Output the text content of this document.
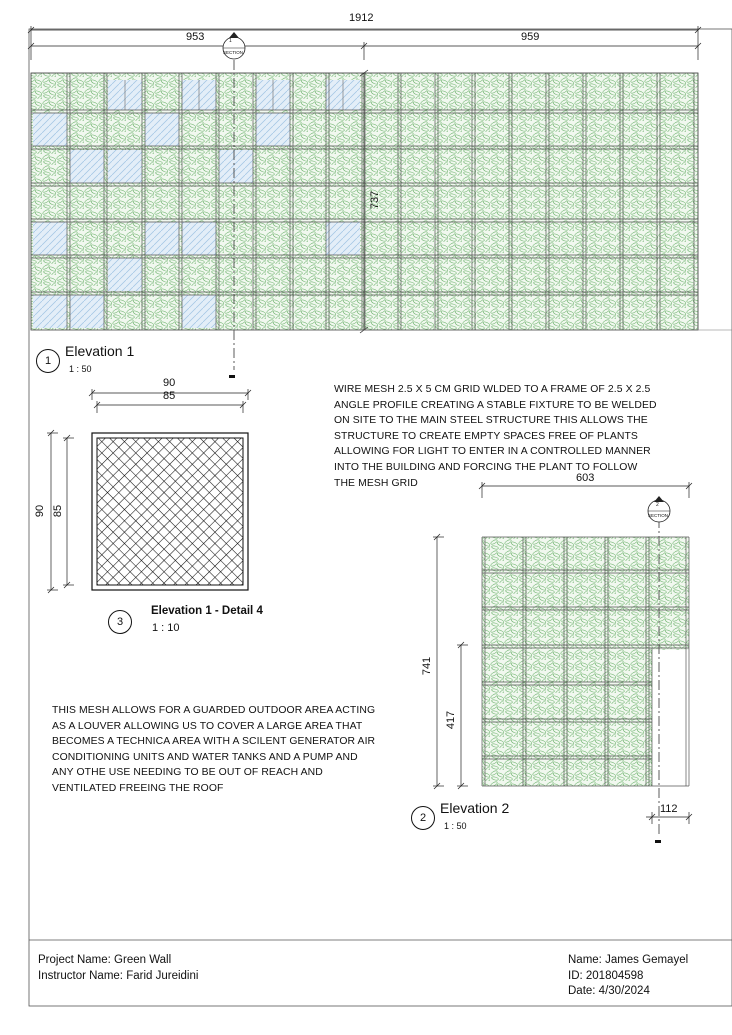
1912
953	959
1
SECTION
737
1
Elevation 1
1 : 50
90
85
90 85
3
Elevation 1 - Detail 4
1 : 10
WIRE MESH 2.5 X 5 CM GRID WLDED TO A FRAME OF 2.5 X 2.5
ANGLE PROFILE CREATING A STABLE FIXTURE TO BE WELDED
ON SITE TO THE MAIN STEEL STRUCTURE THIS ALLOWS THE
STRUCTURE TO CREATE EMPTY SPACES FREE OF PLANTS
ALLOWING FOR LIGHT TO ENTER IN A CONTROLLED MANNER
INTO THE BUILDING AND FORCING THE PLANT TO FOLLOW
THE MESH GRID	603
2
SECTION
741
417
THIS MESH ALLOWS FOR A GUARDED OUTDOOR AREA ACTING
AS A LOUVER ALLOWING US TO COVER A LARGE AREA THAT
BECOMES A TECHNICA AREA WITH A SCILENT GENERATOR AIR
CONDITIONING UNITS AND WATER TANKS AND A PUMP AND
ANY OTHE USE NEEDING TO BE OUT OF REACH AND
VENTILATED FREEING THE ROOF
2
Elevation 2
1 : 50
112
Project Name: Green Wall
Instructor Name: Farid Jureidini
Name: James Gemayel
ID: 201804598
Date: 4/30/2024
